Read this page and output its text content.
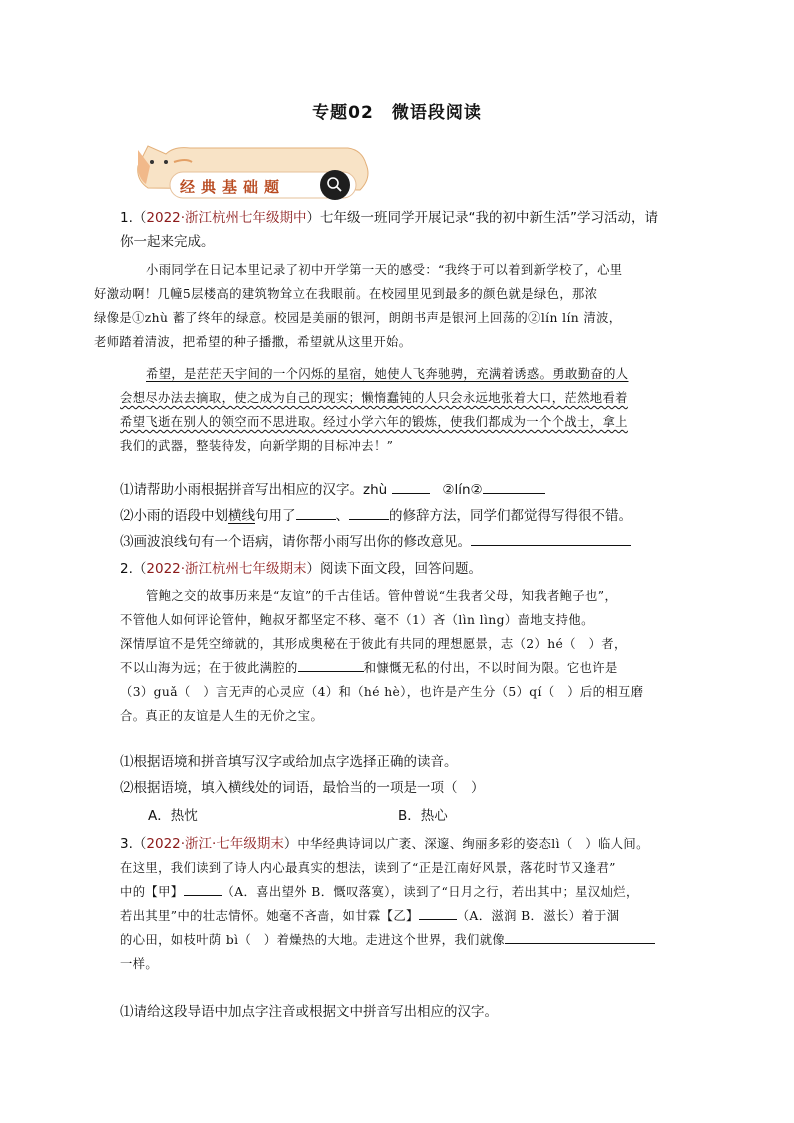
专题02　微语段阅读
经典基础题
1.（2022·浙江杭州七年级期中）七年级一班同学开展记录“我的初中新生活”学习活动，请
你一起来完成。
小雨同学在日记本里记录了初中开学第一天的感受：“我终于可以着到新学校了，心里
好激动啊！几幢5层楼高的建筑物耸立在我眼前。在校园里见到最多的颜色就是绿色，那浓
绿像是①zhù 蓄了终年的绿意。校园是美丽的银河，朗朗书声是银河上回荡的②lín lín 清波，
老师踏着清波，把希望的种子播撒，希望就从这里开始。
希望，是茫茫天宇间的一个闪烁的星宿，她使人飞奔驰骋，充满着诱惑。勇敢勤奋的人
会想尽办法去摘取，使之成为自己的现实；懒惰蠢钝的人只会永远地张着大口，茫然地看着
希望飞逝在别人的领空而不思进取。经过小学六年的锻炼，使我们都成为一个个战士，拿上
我们的武器，整装待发，向新学期的目标冲去！”
⑴请帮助小雨根据拼音写出相应的汉字。zhù	②lín②
⑵小雨的语段中划横线句用了	、	的修辞方法，同学们都觉得写得很不错。
⑶画波浪线句有一个语病，请你帮小雨写出你的修改意见。
2.（2022·浙江杭州七年级期末）阅读下面文段，回答问题。
管鲍之交的故事历来是“友谊”的千古佳话。管仲曾说“生我者父母，知我者鲍子也”，
不管他人如何评论管仲，鲍叔牙都坚定不移、毫不（1）吝（lìn lìng）啬地支持他。
深情厚谊不是凭空缔就的，其形成奥秘在于彼此有共同的理想愿景，志（2）hé（　）者，
不以山海为远；在于彼此满腔的	和慷慨无私的付出，不以时间为限。它也许是
（3）guǎ（　）言无声的心灵应（4）和（hé hè），也许是产生分（5）qí（　）后的相互磨
合。真正的友谊是人生的无价之宝。
⑴根据语境和拼音填写汉字或给加点字选择正确的读音。
⑵根据语境，填入横线处的词语，最恰当的一项是一项（　）
A．热忱	B．热心
3.（2022·浙江·七年级期末）中华经典诗词以广袤、深邃、绚丽多彩的姿态lì（　）临人间。
在这里，我们读到了诗人内心最真实的想法，读到了“正是江南好风景，落花时节又逢君”
中的【甲】	（A．喜出望外 B．慨叹落寞），读到了“日月之行，若出其中；星汉灿烂，
若出其里”中的壮志情怀。她毫不吝啬，如甘霖【乙】	（A．滋润 B．滋长）着于涸
的心田，如枝叶荫 bì（　）着燥热的大地。走进这个世界，我们就像
一样。
⑴请给这段导语中加点字注音或根据文中拼音写出相应的汉字。
